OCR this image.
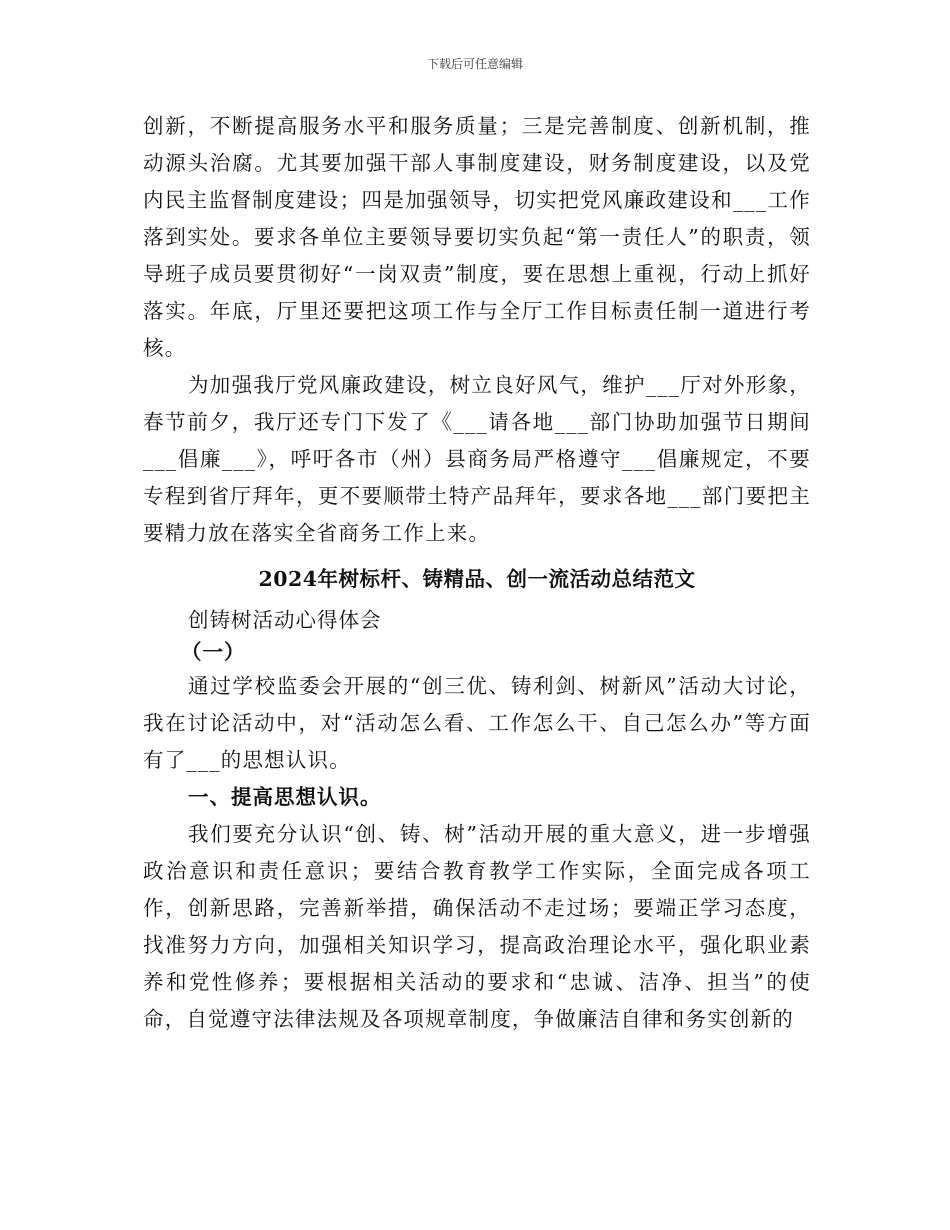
下载后可任意编辑

创新，不断提高服务水平和服务质量；三是完善制度、创新机制，推动源头治腐。尤其要加强干部人事制度建设，财务制度建设，以及党内民主监督制度建设；四是加强领导，切实把党风廉政建设和___工作落到实处。要求各单位主要领导要切实负起“第一责任人”的职责，领导班子成员要贯彻好“一岗双责”制度，要在思想上重视，行动上抓好落实。年底，厅里还要把这项工作与全厅工作目标责任制一道进行考核。

为加强我厅党风廉政建设，树立良好风气，维护___厅对外形象，春节前夕，我厅还专门下发了《___请各地___部门协助加强节日期间___倡廉___》，呼吁各市（州）县商务局严格遵守___倡廉规定，不要专程到省厅拜年，更不要顺带土特产品拜年，要求各地___部门要把主要精力放在落实全省商务工作上来。

2024年树标杆、铸精品、创一流活动总结范文

创铸树活动心得体会

（一）

通过学校监委会开展的“创三优、铸利剑、树新风”活动大讨论，我在讨论活动中，对“活动怎么看、工作怎么干、自己怎么办”等方面有了___的思想认识。

一、提高思想认识。

我们要充分认识“创、铸、树”活动开展的重大意义，进一步增强政治意识和责任意识；要结合教育教学工作实际，全面完成各项工作，创新思路，完善新举措，确保活动不走过场；要端正学习态度，找准努力方向，加强相关知识学习，提高政治理论水平，强化职业素养和党性修养；要根据相关活动的要求和“忠诚、洁净、担当”的使命，自觉遵守法律法规及各项规章制度，争做廉洁自律和务实创新的
